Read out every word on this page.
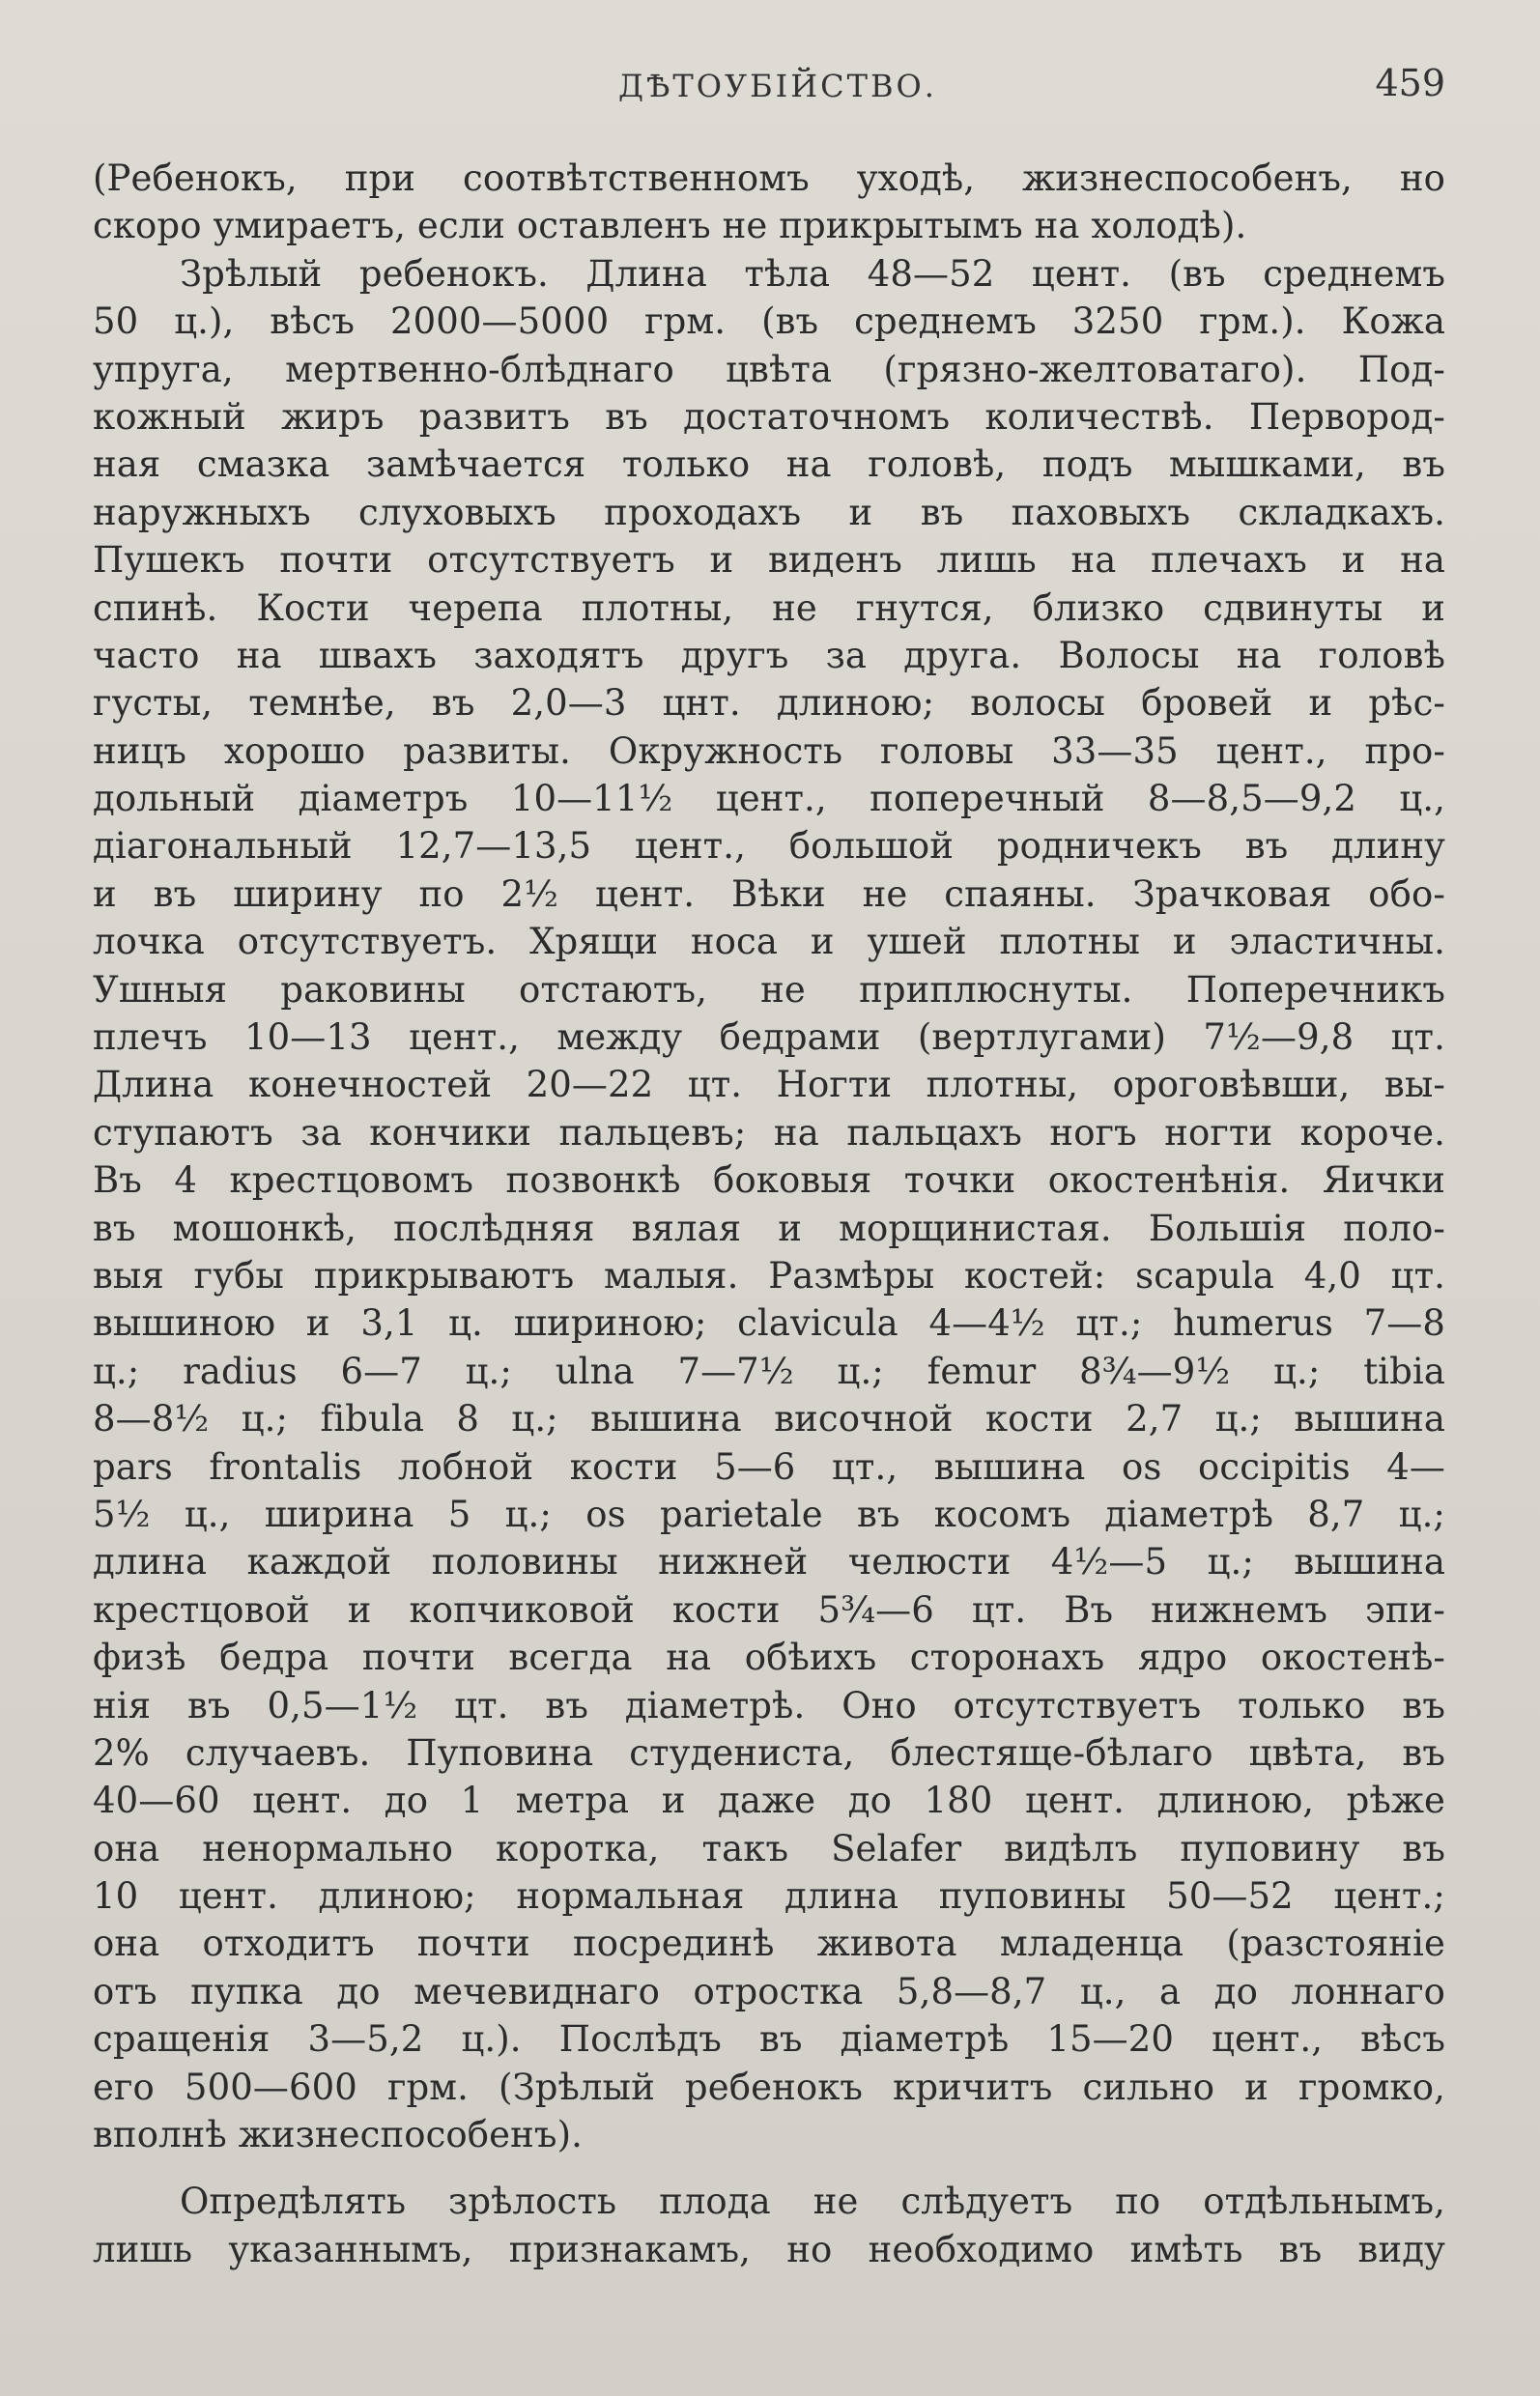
ДѢТОУБІЙСТВО.	459
(Ребенокъ, при соотвѣтственномъ уходѣ, жизнеспособенъ, но
скоро умираетъ, если оставленъ не прикрытымъ на холодѣ).
Зрѣлый ребенокъ. Длина тѣла 48—52 цент. (въ среднемъ
50 ц.), вѣсъ 2000—5000 грм. (въ среднемъ 3250 грм.). Кожа
упруга, мертвенно-блѣднаго цвѣта (грязно-желтоватаго). Под-
кожный жиръ развитъ въ достаточномъ количествѣ. Первород-
ная смазка замѣчается только на головѣ, подъ мышками, въ
наружныхъ слуховыхъ проходахъ и въ паховыхъ складкахъ.
Пушекъ почти отсутствуетъ и виденъ лишь на плечахъ и на
спинѣ. Кости черепа плотны, не гнутся, близко сдвинуты и
часто на швахъ заходятъ другъ за друга. Волосы на головѣ
густы, темнѣе, въ 2,0—3 цнт. длиною; волосы бровей и рѣс-
ницъ хорошо развиты. Окружность головы 33—35 цент., про-
дольный діаметръ 10—11½ цент., поперечный 8—8,5—9,2 ц.,
діагональный 12,7—13,5 цент., большой родничекъ въ длину
и въ ширину по 2½ цент. Вѣки не спаяны. Зрачковая обо-
лочка отсутствуетъ. Хрящи носа и ушей плотны и эластичны.
Ушныя раковины отстаютъ, не приплюснуты. Поперечникъ
плечъ 10—13 цент., между бедрами (вертлугами) 7½—9,8 цт.
Длина конечностей 20—22 цт. Ногти плотны, ороговѣвши, вы-
ступаютъ за кончики пальцевъ; на пальцахъ ногъ ногти короче.
Въ 4 крестцовомъ позвонкѣ боковыя точки окостенѣнія. Яички
въ мошонкѣ, послѣдняя вялая и морщинистая. Большія поло-
выя губы прикрываютъ малыя. Размѣры костей: scapula 4,0 цт.
вышиною и 3,1 ц. шириною; clavicula 4—4½ цт.; humerus 7—8
ц.; radius 6—7 ц.; ulna 7—7½ ц.; femur 8¾—9½ ц.; tibia
8—8½ ц.; fibula 8 ц.; вышина височной кости 2,7 ц.; вышина
pars frontalis лобной кости 5—6 цт., вышина os occipitis 4—
5½ ц., ширина 5 ц.; os parietale въ косомъ діаметрѣ 8,7 ц.;
длина каждой половины нижней челюсти 4½—5 ц.; вышина
крестцовой и копчиковой кости 5¾—6 цт. Въ нижнемъ эпи-
физѣ бедра почти всегда на обѣихъ сторонахъ ядро окостенѣ-
нія въ 0,5—1½ цт. въ діаметрѣ. Оно отсутствуетъ только въ
2% случаевъ. Пуповина студениста, блестяще-бѣлаго цвѣта, въ
40—60 цент. до 1 метра и даже до 180 цент. длиною, рѣже
она ненормально коротка, такъ Selafer видѣлъ пуповину въ
10 цент. длиною; нормальная длина пуповины 50—52 цент.;
она отходитъ почти посрединѣ живота младенца (разстояніе
отъ пупка до мечевиднаго отростка 5,8—8,7 ц., а до лоннаго
сращенія 3—5,2 ц.). Послѣдъ въ діаметрѣ 15—20 цент., вѣсъ
его 500—600 грм. (Зрѣлый ребенокъ кричитъ сильно и громко,
вполнѣ жизнеспособенъ).
Опредѣлять зрѣлость плода не слѣдуетъ по отдѣльнымъ,
лишь указаннымъ, признакамъ, но необходимо имѣть въ виду
